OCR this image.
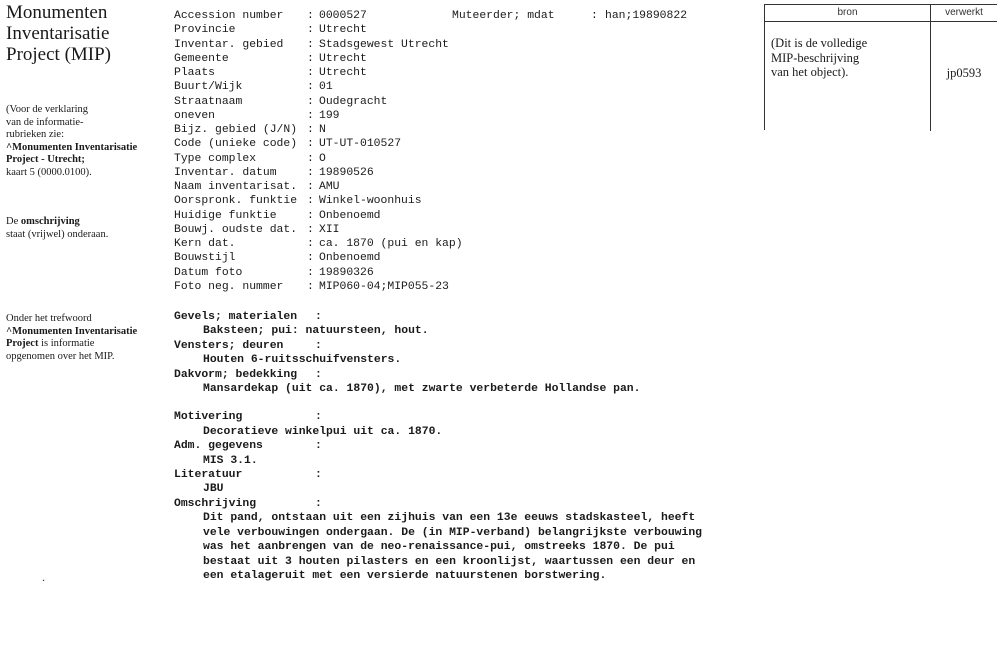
Monumenten
Inventarisatie
Project (MIP)
(Voor de verklaring
van de informatie-
rubrieken zie:
^Monumenten Inventarisatie
Project - Utrecht;
kaart 5 (0000.0100).
De omschrijving
staat (vrijwel) onderaan.
Onder het trefwoord
^Monumenten Inventarisatie
Project is informatie
opgenomen over het MIP.
.
Accession number	: 0000527
Provincie	: Utrecht
Inventar. gebied	: Stadsgewest Utrecht
Gemeente	: Utrecht
Plaats	: Utrecht
Buurt/Wijk	: 01
Straatnaam	: Oudegracht
oneven	: 199
Bijz. gebied (J/N) : N
Code (unieke code) : UT-UT-010527
Type complex	: O
Inventar. datum	: 19890526
Naam inventarisat. : AMU
Oorspronk. funktie : Winkel-woonhuis
Huidige funktie	: Onbenoemd
Bouwj. oudste dat. : XII
Kern dat.	: ca. 1870 (pui en kap)
Bouwstijl	: Onbenoemd
Datum foto	: 19890326
Foto neg. nummer	: MIP060-04;MIP055-23
Muteerder; mdat	: han;19890822
Gevels; materialen	:
Baksteen; pui: natuursteen, hout.
Vensters; deuren	:
Houten 6-ruitsschuifvensters.
Dakvorm; bedekking	:
Mansardekap (uit ca. 1870), met zwarte verbeterde Hollandse pan.
Motivering	:
Decoratieve winkelpui uit ca. 1870.
Adm. gegevens	:
MIS 3.1.
Literatuur	:
JBU
Omschrijving	:
Dit pand, ontstaan uit een zijhuis van een 13e eeuws stadskasteel, heeft
vele verbouwingen ondergaan. De (in MIP-verband) belangrijkste verbouwing
was het aanbrengen van de neo-renaissance-pui, omstreeks 1870. De pui
bestaat uit 3 houten pilasters en een kroonlijst, waartussen een deur en
een etalageruit met een versierde natuurstenen borstwering.
bron	verwerkt
(Dit is de volledige
MIP-beschrijving
van het object).	jp0593
